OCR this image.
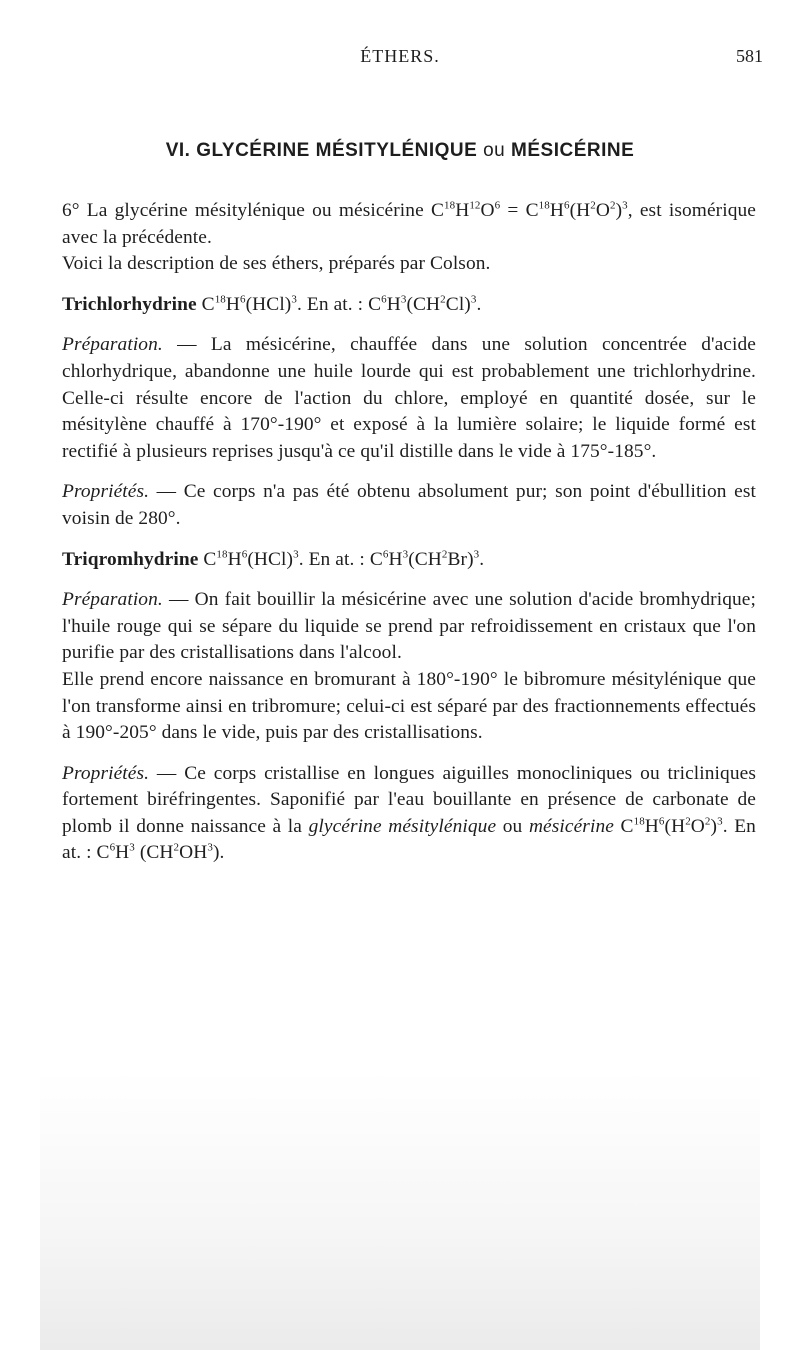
ÉTHERS.	581
VI. GLYCÉRINE MÉSITYLÉNIQUE ou MÉSICÉRINE

6° La glycérine mésitylénique ou mésicérine $C^{18}H^{12}O^6 = C^{18}H^6(H^2O^2)^3$, est isomérique avec la précédente.

Voici la description de ses éthers, préparés par Colson.

Trichlorhydrine $C^{18}H^6(HCl)^3$. En at. : $C^6H^3(CH^2Cl)^3$.

Préparation. — La mésicérine, chauffée dans une solution concentrée d'acide chlorhydrique, abandonne une huile lourde qui est probablement une trichlorhydrine. Celle-ci résulte encore de l'action du chlore, employé en quantité dosée, sur le mésitylène chauffé à 170°-190° et exposé à la lumière solaire; le liquide formé est rectifié à plusieurs reprises jusqu'à ce qu'il distille dans le vide à 175°-185°.

Propriétés. — Ce corps n'a pas été obtenu absolument pur; son point d'ébullition est voisin de 280°.

Triqromhydrine $C^{18}H^6(HCl)^3$. En at. : $C^6H^3(CH^2Br)^3$.

Préparation. — On fait bouillir la mésicérine avec une solution d'acide bromhydrique; l'huile rouge qui se sépare du liquide se prend par refroidissement en cristaux que l'on purifie par des cristallisations dans l'alcool.

Elle prend encore naissance en bromurant à 180°-190° le bibromure mésitylénique que l'on transforme ainsi en tribromure; celui-ci est séparé par des fractionnements effectués à 190°-205° dans le vide, puis par des cristallisations.

Propriétés. — Ce corps cristallise en longues aiguilles monocliniques ou tricliniques fortement biréfringentes. Saponifié par l'eau bouillante en présence de carbonate de plomb il donne naissance à la glycérine mésitylénique ou mésicérine $C^{18}H^6(H^2O^2)^3$. En at. : $C^6H^3$ $(CH^2OH^3)$.
